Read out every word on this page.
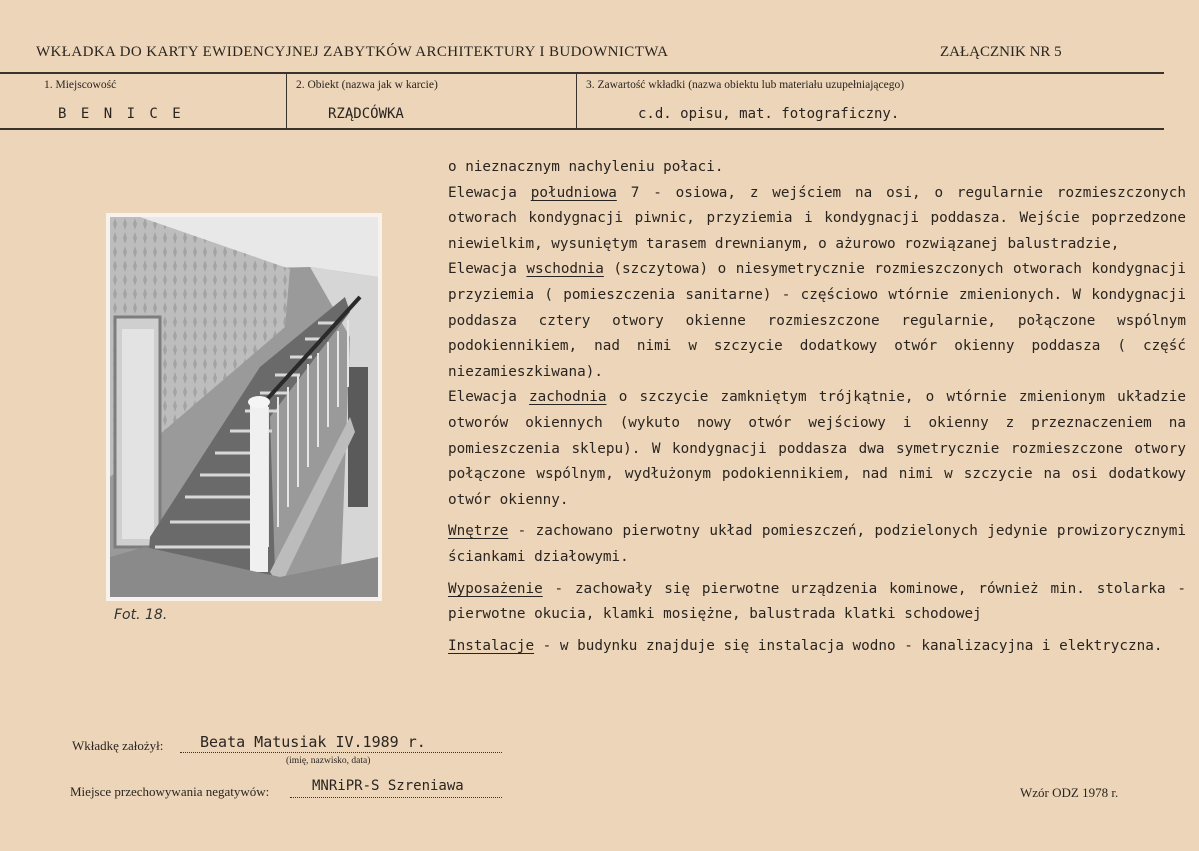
WKŁADKA DO KARTY EWIDENCYJNEJ ZABYTKÓW ARCHITEKTURY I BUDOWNICTWA	ZAŁĄCZNIK NR 5
1. Miejscowość
B E N I C E
2. Obiekt (nazwa jak w karcie)
RZĄDCÓWKA
3. Zawartość wkładki (nazwa obiektu lub materiału uzupełniającego)
c.d. opisu, mat. fotograficzny.
Fot. 18.

o nieznacznym nachyleniu połaci.

Elewacja południowa 7 - osiowa, z wejściem na osi, o regularnie rozmieszczonych otworach kondygnacji piwnic, przyziemia i kondygnacji poddasza. Wejście poprzedzone niewielkim, wysuniętym tarasem drewnianym, o ażurowo rozwiązanej balustradzie,

Elewacja wschodnia (szczytowa) o niesymetrycznie rozmieszczonych otworach kondygnacji przyziemia ( pomieszczenia sanitarne) - częściowo wtórnie zmienionych. W kondygnacji poddasza cztery otwory okienne rozmieszczone regularnie, połączone wspólnym podokiennikiem, nad nimi w szczycie dodatkowy otwór okienny poddasza ( część niezamieszkiwana).

Elewacja zachodnia o szczycie zamkniętym trójkątnie, o wtórnie zmienionym układzie otworów okiennych (wykuto nowy otwór wejściowy i okienny z przeznaczeniem na pomieszczenia sklepu). W kondygnacji poddasza dwa symetrycznie rozmieszczone otwory połączone wspólnym, wydłużonym podokiennikiem, nad nimi w szczycie na osi dodatkowy otwór okienny.

Wnętrze - zachowano pierwotny układ pomieszczeń, podzielonych jedynie prowizorycznymi ściankami działowymi.

Wyposażenie - zachowały się pierwotne urządzenia kominowe, również min. stolarka - pierwotne okucia, klamki mosiężne, balustrada klatki schodowej

Instalacje - w budynku znajduje się instalacja wodno - kanalizacyjna i elektryczna.

Wkładkę założył: Beata Matusiak IV.1989 r.
(imię, nazwisko, data)
Miejsce przechowywania negatywów:	MNRiPR-S Szreniawa	Wzór ODZ 1978 r.
